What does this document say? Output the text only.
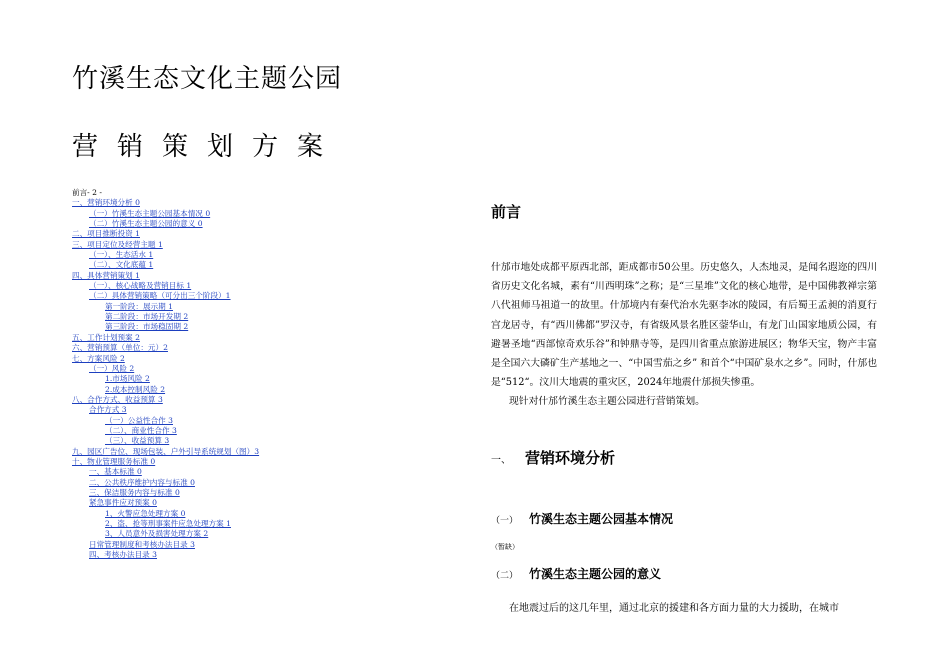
竹溪生态文化主题公园
营销策划方案
前言- 2 -
一、营销环境分析 0
（一）竹溪生态主题公园基本情况 0
（二）竹溪生态主题公园的意义 0
二、项目推断投资 1
三、项目定位及经营主题 1
（一）、生态活水 1
（二）、文化底蕴 1
四、具体营销策划 1
（一）、核心战略及营销目标 1
（二）具体营销策略（可分出三个阶段）1
第一阶段：展示期 1
第二阶段：市场开发期 2
第三阶段：市场稳固期 2
五、工作计划预案 2
六、营销预算（单位：元）2
七、方案风险 2
（一）风险 2
1.市场风险 2
2.成本控制风险 2
八、合作方式、收益预算 3
合作方式 3
（一）公益性合作 3
（二）、商业性合作 3
（三）、收益预算 3
九、园区广告位、现场包装、户外引导系统规划（图）3
十、物业管理服务标准 0
一、基本标准 0
二、公共秩序维护内容与标准 0
三、保洁服务内容与标准 0
紧急事件应对预案 0
1、火警应急处理方案 0
2、盗、抢等刑事案件应急处理方案 1
3、人员意外及损害处理方案 2
日常管理制度和考核办法目录 3
四、考核办法目录 3
前言

什邡市地处成都平原西北部，距成都市50公里。历史悠久，人杰地灵，是闻名遐迩的四川省历史文化名城，素有“川西明珠”之称；是“三星堆”文化的核心地带，是中国佛教禅宗第八代祖师马祖道一的故里。什邡境内有秦代治水先驱李冰的陵园，有后蜀王孟昶的消夏行宫龙居寺，有“西川佛都”罗汉寺，有省级风景名胜区蓥华山，有龙门山国家地质公园，有避暑圣地“西部惊奇欢乐谷”和钟鼎寺等，是四川省重点旅游进展区；物华天宝，物产丰富是全国六大磷矿生产基地之一、“中国雪茄之乡” 和首个“中国矿泉水之乡”。同时，什邡也是“512“。汶川大地震的重灾区，2024年地震什邡损失惨重。

现针对什邡竹溪生态主题公园进行营销策划。

一、 营销环境分析
（一） 竹溪生态主题公园基本情况
（暂缺）
（二） 竹溪生态主题公园的意义
在地震过后的这几年里，通过北京的援建和各方面力量的大力援助，在城市
